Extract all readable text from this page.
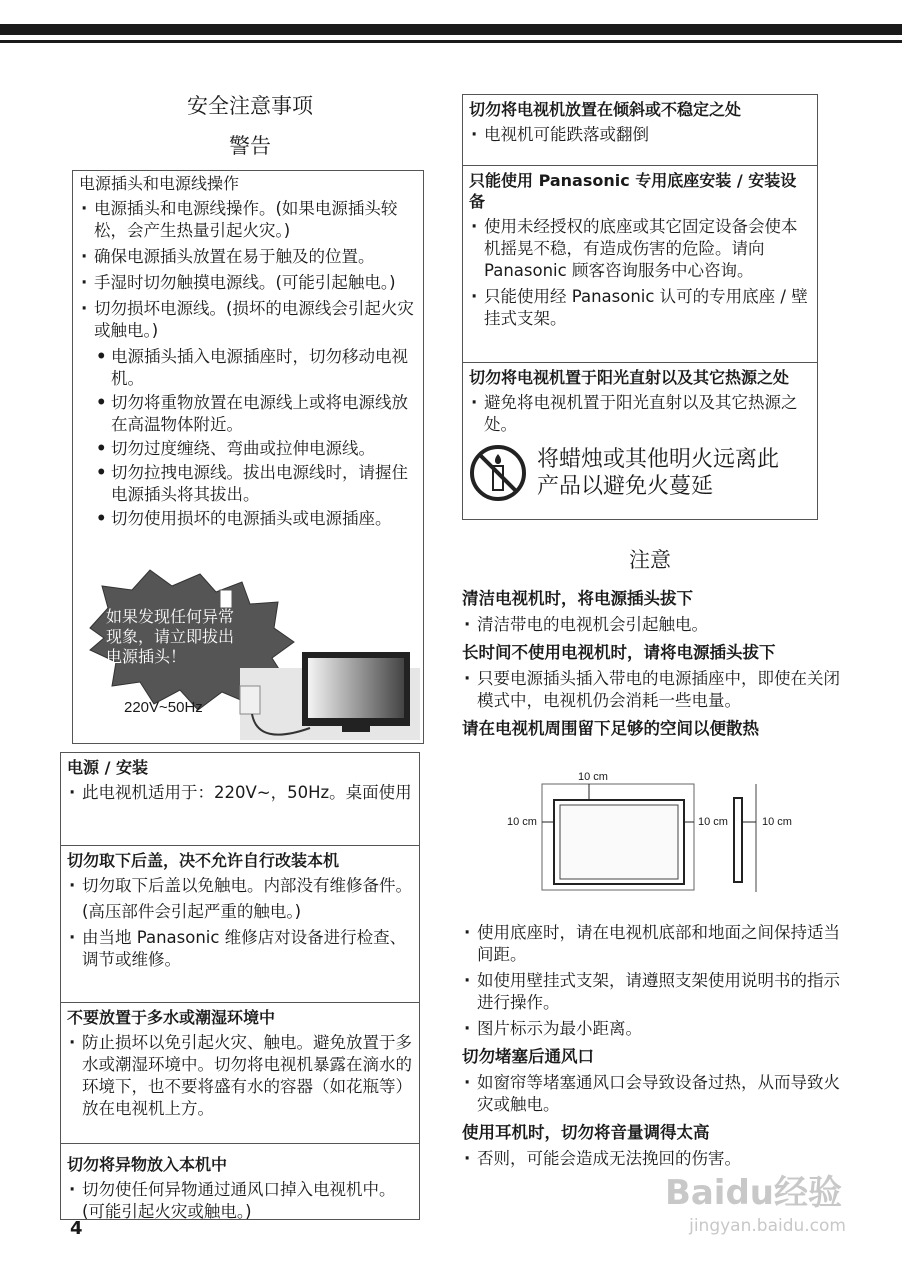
安全注意事项
警告
电源插头和电源线操作
· 电源插头和电源线操作。(如果电源插头较松，会产生热量引起火灾。)
· 确保电源插头放置在易于触及的位置。
· 手湿时切勿触摸电源线。(可能引起触电。)
· 切勿损坏电源线。(损坏的电源线会引起火灾或触电。)
• 电源插头插入电源插座时，切勿移动电视机。
• 切勿将重物放置在电源线上或将电源线放在高温物体附近。
• 切勿过度缠绕、弯曲或拉伸电源线。
• 切勿拉拽电源线。拔出电源线时，请握住电源插头将其拔出。
• 切勿使用损坏的电源插头或电源插座。
如果发现任何异常现象，请立即拔出电源插头！
220V~50Hz
电源 / 安装
· 此电视机适用于：220V~，50Hz。桌面使用
切勿取下后盖，决不允许自行改装本机
· 切勿取下后盖以免触电。内部没有维修备件。
(高压部件会引起严重的触电。)
· 由当地 Panasonic 维修店对设备进行检查、调节或维修。
不要放置于多水或潮湿环境中
· 防止损坏以免引起火灾、触电。避免放置于多水或潮湿环境中。切勿将电视机暴露在滴水的环境下，也不要将盛有水的容器（如花瓶等）放在电视机上方。
切勿将异物放入本机中
· 切勿使任何异物通过通风口掉入电视机中。(可能引起火灾或触电。)
切勿将电视机放置在倾斜或不稳定之处
· 电视机可能跌落或翻倒
只能使用 Panasonic 专用底座安装 / 安装设备
· 使用未经授权的底座或其它固定设备会使本机摇晃不稳，有造成伤害的危险。请向 Panasonic 顾客咨询服务中心咨询。
· 只能使用经 Panasonic 认可的专用底座 / 壁挂式支架。
切勿将电视机置于阳光直射以及其它热源之处
· 避免将电视机置于阳光直射以及其它热源之处。
将蜡烛或其他明火远离此产品以避免火蔓延
注意
清洁电视机时，将电源插头拔下
· 清洁带电的电视机会引起触电。
长时间不使用电视机时，请将电源插头拔下
· 只要电源插头插入带电的电源插座中，即使在关闭模式中，电视机仍会消耗一些电量。
请在电视机周围留下足够的空间以便散热
10 cm
10 cm	10 cm	10 cm
· 使用底座时，请在电视机底部和地面之间保持适当间距。
· 如使用壁挂式支架，请遵照支架使用说明书的指示进行操作。
· 图片标示为最小距离。
切勿堵塞后通风口
· 如窗帘等堵塞通风口会导致设备过热，从而导致火灾或触电。
使用耳机时，切勿将音量调得太高
· 否则，可能会造成无法挽回的伤害。
4
Baidu经验
jingyan.baidu.com
